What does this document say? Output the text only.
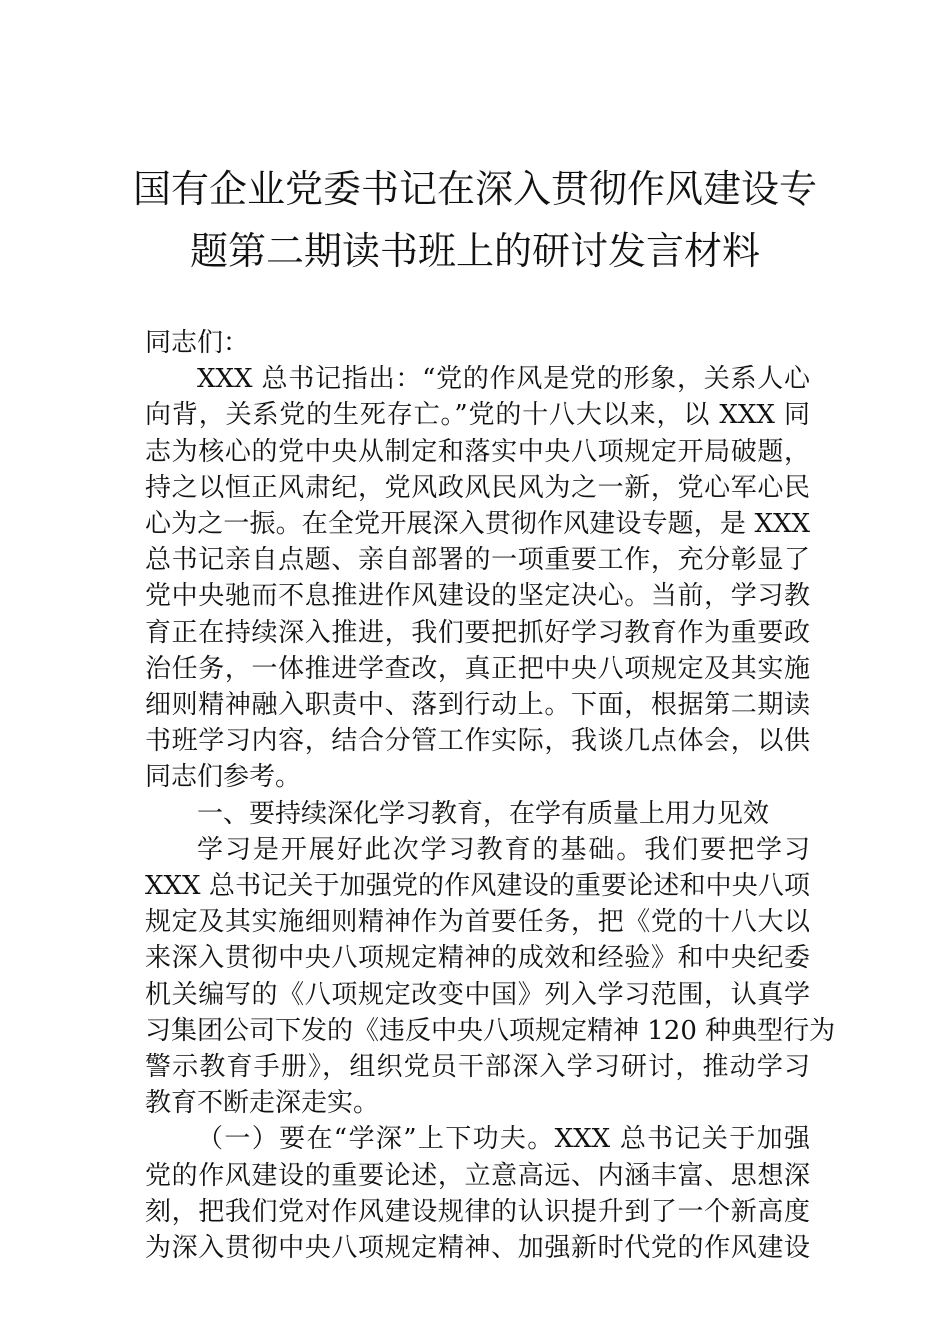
国有企业党委书记在深入贯彻作风建设专
题第二期读书班上的研讨发言材料
同志们：
XXX 总书记指出：“党的作风是党的形象，关系人心
向背，关系党的生死存亡。”党的十八大以来，以 XXX 同
志为核心的党中央从制定和落实中央八项规定开局破题，
持之以恒正风肃纪，党风政风民风为之一新，党心军心民
心为之一振。在全党开展深入贯彻作风建设专题，是 XXX
总书记亲自点题、亲自部署的一项重要工作，充分彰显了
党中央驰而不息推进作风建设的坚定决心。当前，学习教
育正在持续深入推进，我们要把抓好学习教育作为重要政
治任务，一体推进学查改，真正把中央八项规定及其实施
细则精神融入职责中、落到行动上。下面，根据第二期读
书班学习内容，结合分管工作实际，我谈几点体会，以供
同志们参考。
一、要持续深化学习教育，在学有质量上用力见效
学习是开展好此次学习教育的基础。我们要把学习
XXX 总书记关于加强党的作风建设的重要论述和中央八项
规定及其实施细则精神作为首要任务，把《党的十八大以
来深入贯彻中央八项规定精神的成效和经验》和中央纪委
机关编写的《八项规定改变中国》列入学习范围，认真学
习集团公司下发的《违反中央八项规定精神 120 种典型行为
警示教育手册》，组织党员干部深入学习研讨，推动学习
教育不断走深走实。
（一）要在“学深”上下功夫。XXX 总书记关于加强
党的作风建设的重要论述，立意高远、内涵丰富、思想深
刻，把我们党对作风建设规律的认识提升到了一个新高度
为深入贯彻中央八项规定精神、加强新时代党的作风建设
